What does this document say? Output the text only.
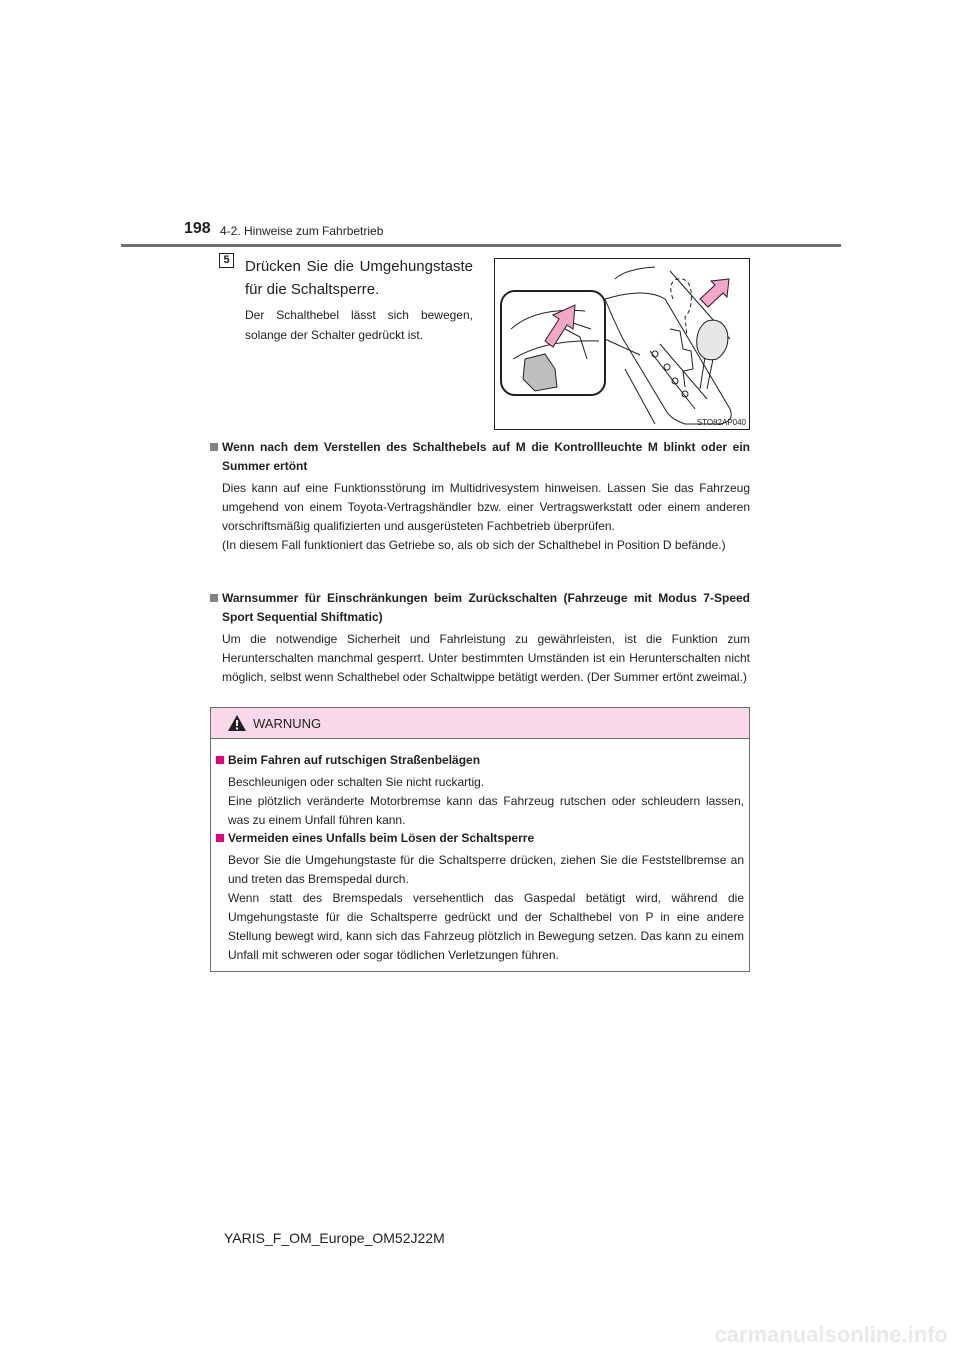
198 4-2. Hinweise zum Fahrbetrieb
5 Drücken Sie die Umgehungstaste für die Schaltsperre.
Der Schalthebel lässt sich bewegen, solange der Schalter gedrückt ist.
STO82AP040
Wenn nach dem Verstellen des Schalthebels auf M die Kontrollleuchte M blinkt oder ein Summer ertönt
Dies kann auf eine Funktionsstörung im Multidrivesystem hinweisen. Lassen Sie das Fahrzeug umgehend von einem Toyota-Vertragshändler bzw. einer Vertragswerkstatt oder einem anderen vorschriftsmäßig qualifizierten und ausgerüsteten Fachbetrieb überprüfen.
(In diesem Fall funktioniert das Getriebe so, als ob sich der Schalthebel in Position D befände.)
Warnsummer für Einschränkungen beim Zurückschalten (Fahrzeuge mit Modus 7-Speed Sport Sequential Shiftmatic)
Um die notwendige Sicherheit und Fahrleistung zu gewährleisten, ist die Funktion zum Herunterschalten manchmal gesperrt. Unter bestimmten Umständen ist ein Herunterschalten nicht möglich, selbst wenn Schalthebel oder Schaltwippe betätigt werden. (Der Summer ertönt zweimal.)
WARNUNG
Beim Fahren auf rutschigen Straßenbelägen
Beschleunigen oder schalten Sie nicht ruckartig.
Eine plötzlich veränderte Motorbremse kann das Fahrzeug rutschen oder schleudern lassen, was zu einem Unfall führen kann.
Vermeiden eines Unfalls beim Lösen der Schaltsperre
Bevor Sie die Umgehungstaste für die Schaltsperre drücken, ziehen Sie die Feststellbremse an und treten das Bremspedal durch.
Wenn statt des Bremspedals versehentlich das Gaspedal betätigt wird, während die Umgehungstaste für die Schaltsperre gedrückt und der Schalthebel von P in eine andere Stellung bewegt wird, kann sich das Fahrzeug plötzlich in Bewegung setzen. Das kann zu einem Unfall mit schweren oder sogar tödlichen Verletzungen führen.
YARIS_F_OM_Europe_OM52J22M
carmanualsonline.info
